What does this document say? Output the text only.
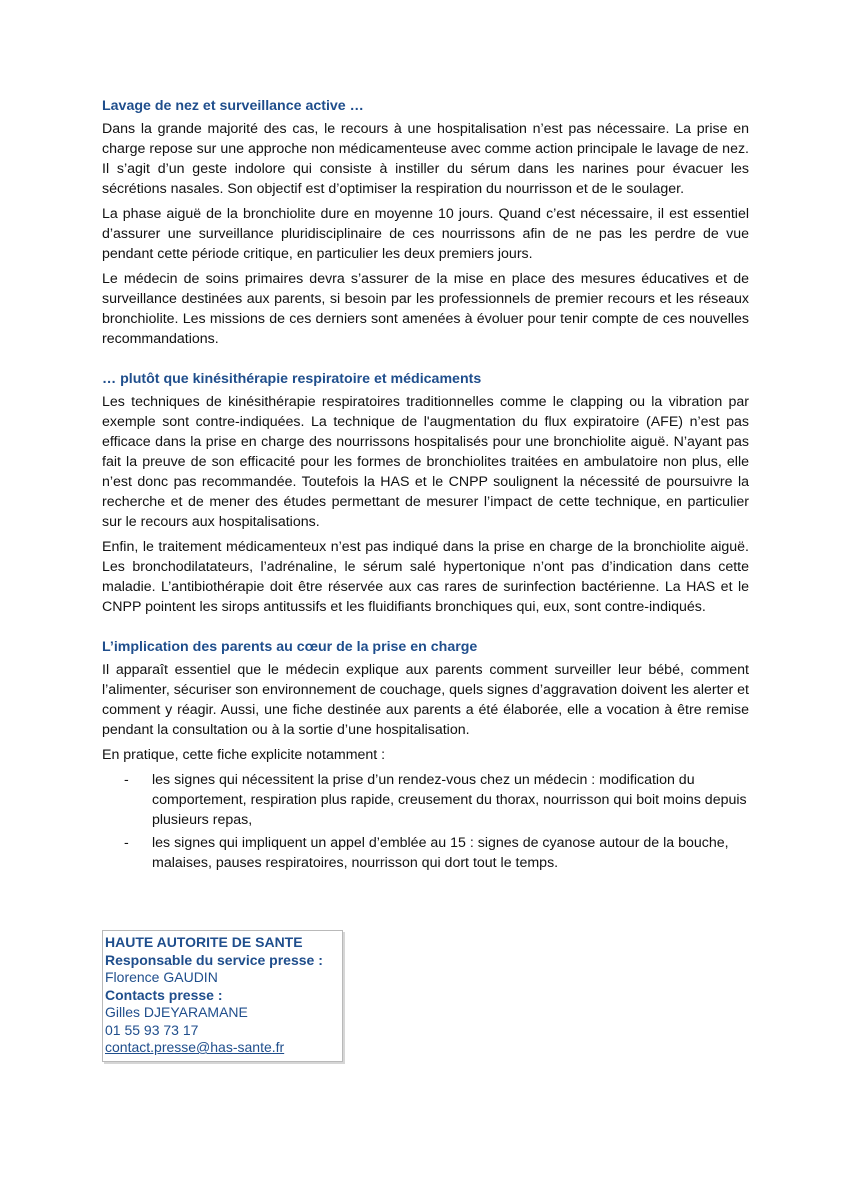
Lavage de nez et surveillance active …

Dans la grande majorité des cas, le recours à une hospitalisation n’est pas nécessaire. La prise en charge repose sur une approche non médicamenteuse avec comme action principale le lavage de nez. Il s’agit d’un geste indolore qui consiste à instiller du sérum dans les narines pour évacuer les sécrétions nasales. Son objectif est d’optimiser la respiration du nourrisson et de le soulager.

La phase aiguë de la bronchiolite dure en moyenne 10 jours. Quand c’est nécessaire, il est essentiel d’assurer une surveillance pluridisciplinaire de ces nourrissons afin de ne pas les perdre de vue pendant cette période critique, en particulier les deux premiers jours.

Le médecin de soins primaires devra s’assurer de la mise en place des mesures éducatives et de surveillance destinées aux parents, si besoin par les professionnels de premier recours et les réseaux bronchiolite. Les missions de ces derniers sont amenées à évoluer pour tenir compte de ces nouvelles recommandations.

… plutôt que kinésithérapie respiratoire et médicaments

Les techniques de kinésithérapie respiratoires traditionnelles comme le clapping ou la vibration par exemple sont contre-indiquées. La technique de l'augmentation du flux expiratoire (AFE) n’est pas efficace dans la prise en charge des nourrissons hospitalisés pour une bronchiolite aiguë. N’ayant pas fait la preuve de son efficacité pour les formes de bronchiolites traitées en ambulatoire non plus, elle n’est donc pas recommandée. Toutefois la HAS et le CNPP soulignent la nécessité de poursuivre la recherche et de mener des études permettant de mesurer l’impact de cette technique, en particulier sur le recours aux hospitalisations.

Enfin, le traitement médicamenteux n’est pas indiqué dans la prise en charge de la bronchiolite aiguë. Les bronchodilatateurs, l’adrénaline, le sérum salé hypertonique n’ont pas d’indication dans cette maladie. L’antibiothérapie doit être réservée aux cas rares de surinfection bactérienne. La HAS et le CNPP pointent les sirops antitussifs et les fluidifiants bronchiques qui, eux, sont contre-indiqués.

L’implication des parents au cœur de la prise en charge

Il apparaît essentiel que le médecin explique aux parents comment surveiller leur bébé, comment l’alimenter, sécuriser son environnement de couchage, quels signes d’aggravation doivent les alerter et comment y réagir. Aussi, une fiche destinée aux parents a été élaborée, elle a vocation à être remise pendant la consultation ou à la sortie d’une hospitalisation.

En pratique, cette fiche explicite notamment :

- les signes qui nécessitent la prise d’un rendez-vous chez un médecin : modification du comportement, respiration plus rapide, creusement du thorax, nourrisson qui boit moins depuis plusieurs repas,
- les signes qui impliquent un appel d’emblée au 15 : signes de cyanose autour de la bouche, malaises, pauses respiratoires, nourrisson qui dort tout le temps.
HAUTE AUTORITE DE SANTE
Responsable du service presse :
Florence GAUDIN
Contacts presse :
Gilles DJEYARAMANE
01 55 93 73 17
contact.presse@has-sante.fr
